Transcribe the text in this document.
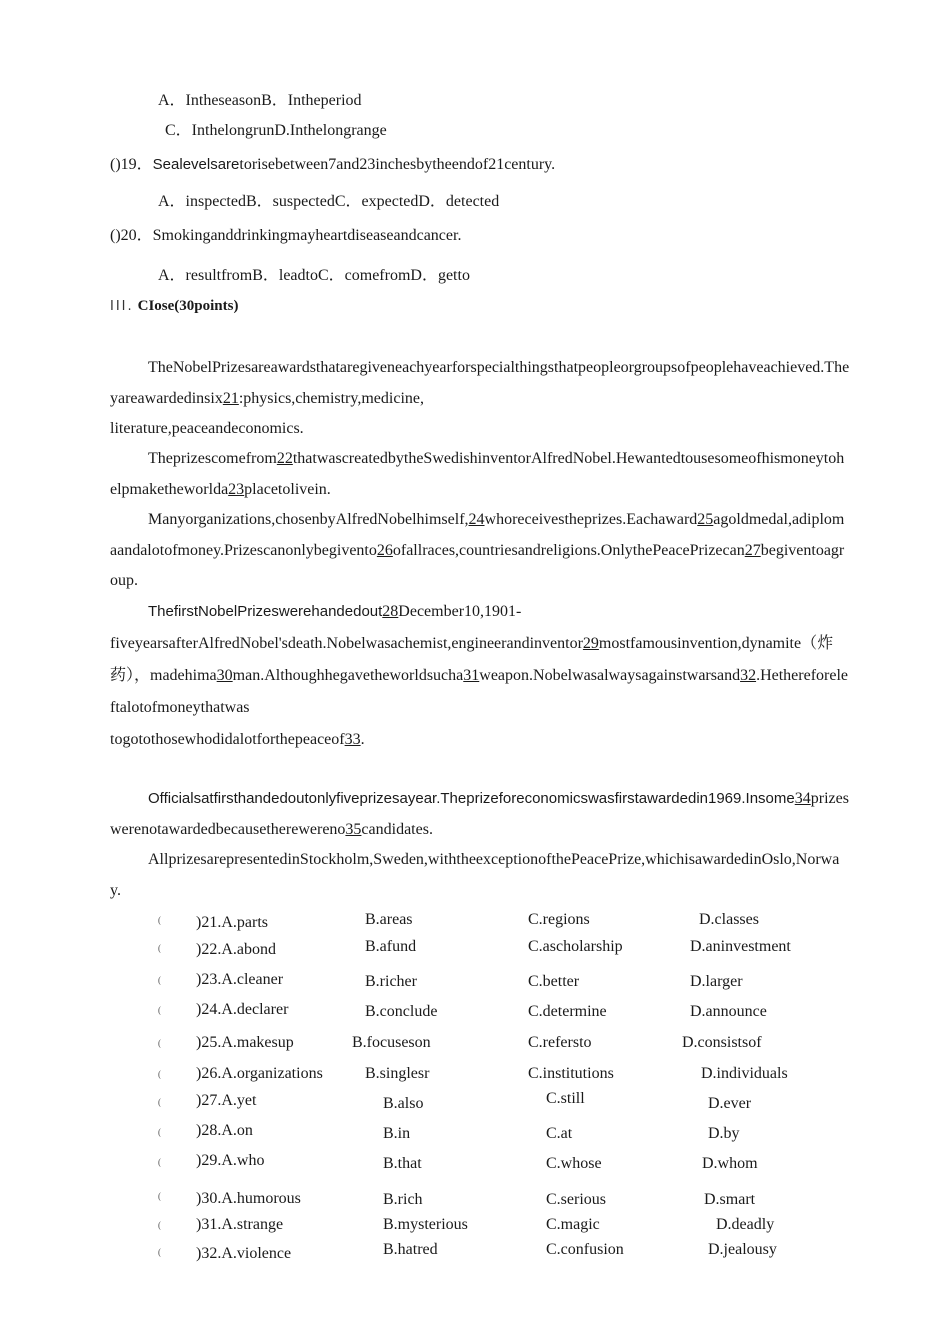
A．IntheseasonB．Intheperiod
C．InthelongrunD.Inthelongrange
()19．Sealevelsaretorisebetween7and23inchesbytheendof21century.
A．inspectedB．suspectedC．expectedD．detected
()20．Smokinganddrinkingmayheartdiseaseandcancer.
A．resultfromB．leadtoC．comefromD．getto
ⅠⅠⅠ. CIose(30points)
TheNobelPrizesareawardsthataregiveneachyearforspecialthingsthatpeopleorgroupsofpeoplehaveachieved.Theyareawardedinsix21:physics,chemistry,medicine,
literature,peaceandeconomics.
Theprizescomefrom22thatwascreatedbytheSwedishinventorAlfredNobel.Hewantedtousesomeofhismoneytohelpmaketheworlda23placetolivein.
Manyorganizations,chosenbyAlfredNobelhimself,24whoreceivestheprizes.Eachaward25agoldmedal,adiplomaandalotofmoney.Prizescanonlybegivento26ofallraces,countriesandreligions.OnlythePeacePrizecan27begiventoagroup.
ThefirstNobelPrizeswerehandedout28December10,1901-
fiveyearsafterAlfredNobel'sdeath.Nobelwasachemist,engineerandinventor29mostfamousinvention,dynamite（炸
药），madehima30man.Althoughhegavetheworldsucha31weapon.Nobelwasalwaysagainstwarsand32.Hethereforeleftalotofmoneythatwas
togotothosewhodidalotforthepeaceof33.
Officialsatfirsthandedoutonlyfiveprizesayear.Theprizeforeconomicswasfirstawardedin1969.Insome34prizeswerenotawardedbecausetherewereno35candidates.
AllprizesarepresentedinStockholm,Sweden,withtheexceptionofthePeacePrize,whichisawardedinOslo,Norway.
( )21.A.parts	B.areas	C.regions	D.classes
( )22.A.abond	B.afund	C.ascholarship	D.aninvestment
( )23.A.cleaner	B.richer	C.better	D.larger
( )24.A.declarer	B.conclude	C.determine	D.announce
( )25.A.makesup	B.focuseson	C.refersto	D.consistsof
( )26.A.organizations	B.singlesr	C.institutions	D.individuals
( )27.A.yet	B.also	C.still	D.ever
( )28.A.on	B.in	C.at	D.by
( )29.A.who	B.that	C.whose	D.whom
( )30.A.humorous	B.rich	C.serious	D.smart
( )31.A.strange	B.mysterious	C.magic	D.deadly
( )32.A.violence	B.hatred	C.confusion	D.jealousy
